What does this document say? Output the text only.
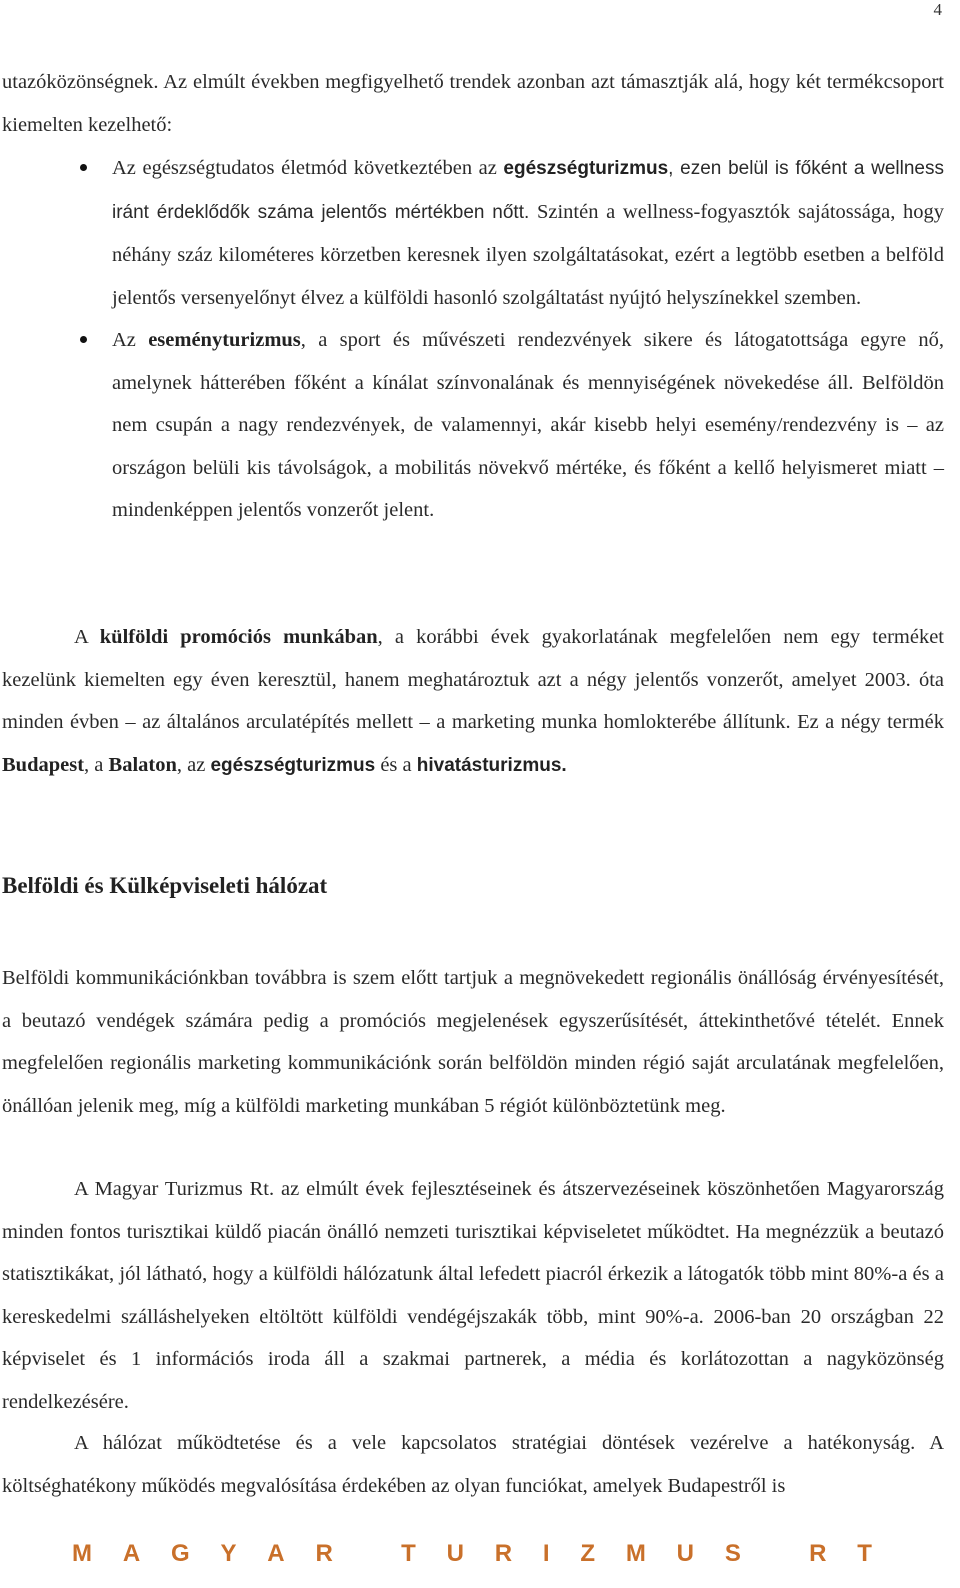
4

utazóközönségnek. Az elmúlt években megfigyelhető trendek azonban azt támasztják alá, hogy két termékcsoport kiemelten kezelhető:

Az egészségtudatos életmód következtében az egészségturizmus, ezen belül is főként a wellness iránt érdeklődők száma jelentős mértékben nőtt. Szintén a wellness-fogyasztók sajátossága, hogy néhány száz kilométeres körzetben keresnek ilyen szolgáltatásokat, ezért a legtöbb esetben a belföld jelentős versenyelőnyt élvez a külföldi hasonló szolgáltatást nyújtó helyszínekkel szemben.
Az eseményturizmus, a sport és művészeti rendezvények sikere és látogatottsága egyre nő, amelynek hátterében főként a kínálat színvonalának és mennyiségének növekedése áll. Belföldön nem csupán a nagy rendezvények, de valamennyi, akár kisebb helyi esemény/rendezvény is – az országon belüli kis távolságok, a mobilitás növekvő mértéke, és főként a kellő helyismeret miatt – mindenképpen jelentős vonzerőt jelent.

A külföldi promóciós munkában, a korábbi évek gyakorlatának megfelelően nem egy terméket kezelünk kiemelten egy éven keresztül, hanem meghatároztuk azt a négy jelentős vonzerőt, amelyet 2003. óta minden évben – az általános arculatépítés mellett – a marketing munka homlokterébe állítunk. Ez a négy termék Budapest, a Balaton, az egészségturizmus és a hivatásturizmus.

Belföldi és Külképviseleti hálózat

Belföldi kommunikációnkban továbbra is szem előtt tartjuk a megnövekedett regionális önállóság érvényesítését, a beutazó vendégek számára pedig a promóciós megjelenések egyszerűsítését, áttekinthetővé tételét. Ennek megfelelően regionális marketing kommunikációnk során belföldön minden régió saját arculatának megfelelően, önállóan jelenik meg, míg a külföldi marketing munkában 5 régiót különböztetünk meg.

A Magyar Turizmus Rt. az elmúlt évek fejlesztéseinek és átszervezéseinek köszönhetően Magyarország minden fontos turisztikai küldő piacán önálló nemzeti turisztikai képviseletet működtet. Ha megnézzük a beutazó statisztikákat, jól látható, hogy a külföldi hálózatunk által lefedett piacról érkezik a látogatók több mint 80%-a és a kereskedelmi szálláshelyeken eltöltött külföldi vendégéjszakák több, mint 90%-a. 2006-ban 20 országban 22 képviselet és 1 információs iroda áll a szakmai partnerek, a média és korlátozottan a nagyközönség rendelkezésére.

A hálózat működtetése és a vele kapcsolatos stratégiai döntések vezérelve a hatékonyság. A költséghatékony működés megvalósítása érdekében az olyan funciókat, amelyek Budapestről is

M A G Y A R
	T U R I Z M U S
	R T
